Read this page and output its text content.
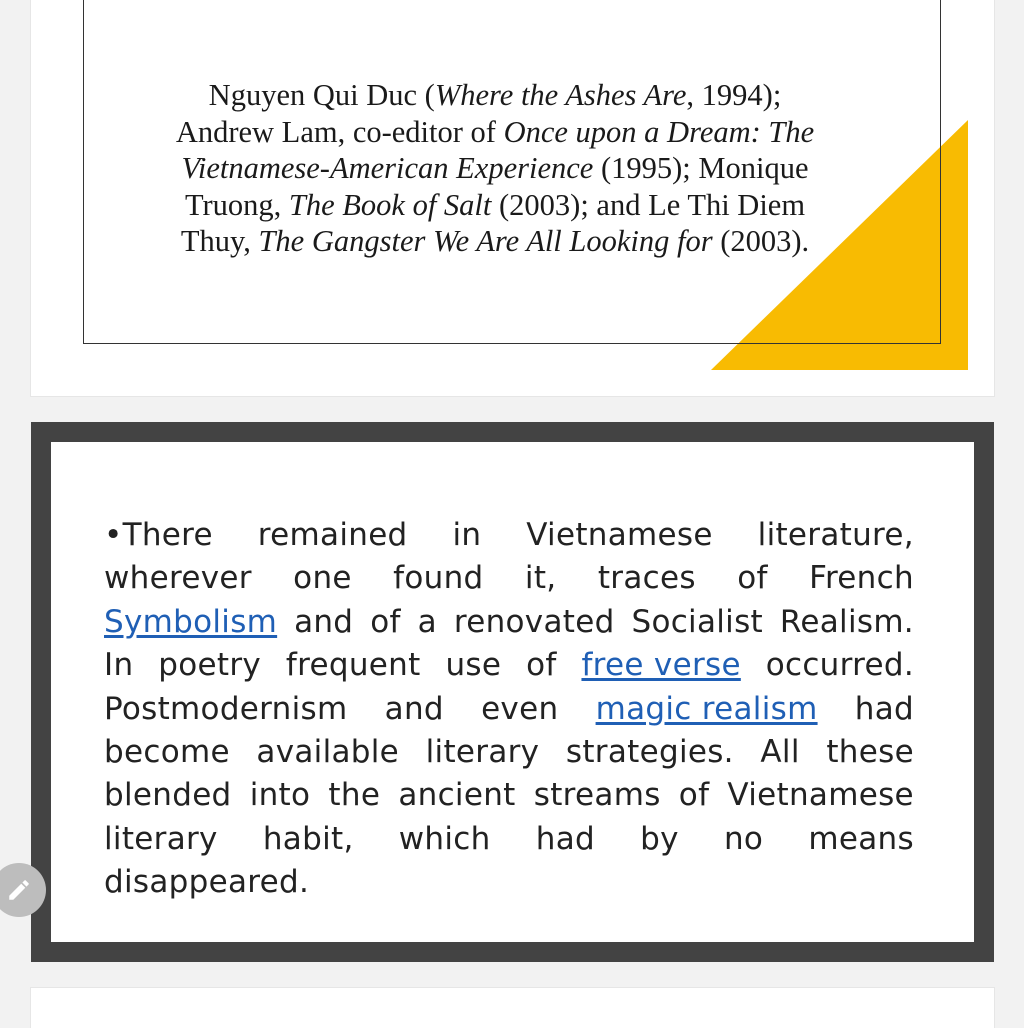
Nguyen Qui Duc (Where the Ashes Are, 1994);
Andrew Lam, co-editor of Once upon a Dream: The
Vietnamese-American Experience (1995); Monique
Truong, The Book of Salt (2003); and Le Thi Diem
Thuy, The Gangster We Are All Looking for (2003).
•There remained in Vietnamese literature,
wherever one found it, traces of French
Symbolism and of a renovated Socialist Realism.
In poetry frequent use of free verse occurred.
Postmodernism and even magic realism had
become available literary strategies. All these
blended into the ancient streams of Vietnamese
literary habit, which had by no means
disappeared.
